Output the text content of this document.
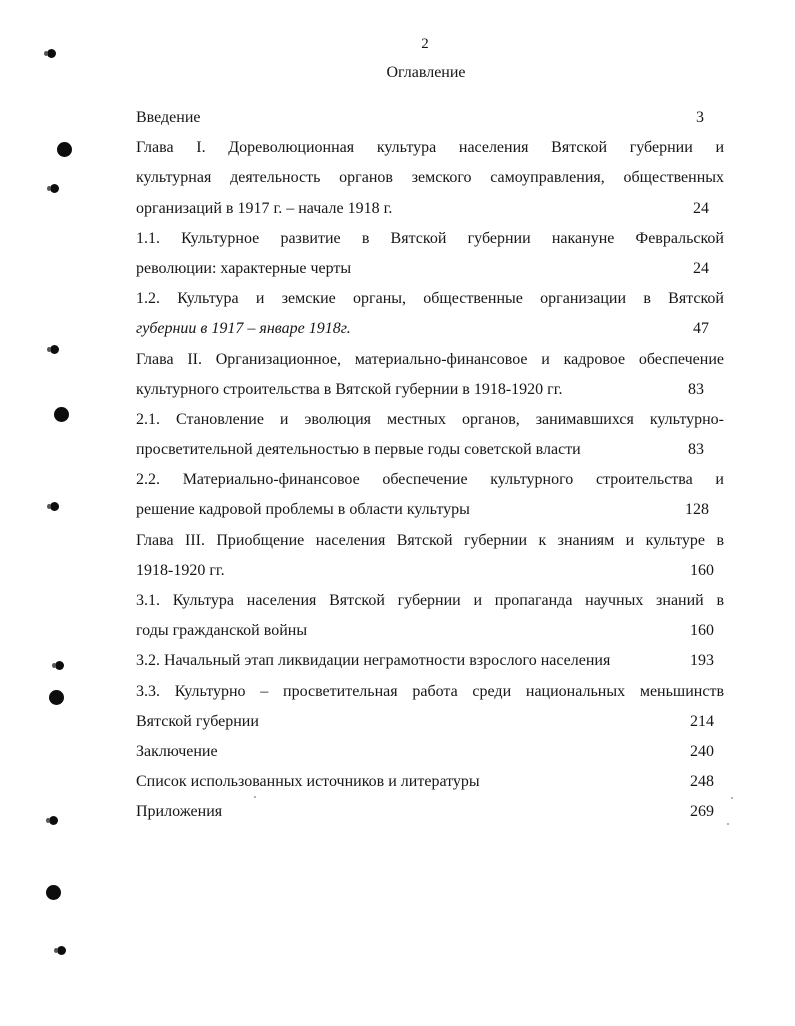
2
Оглавление
Введение	3
Глава I. Дореволюционная культура населения Вятской губернии и
культурная деятельность органов земского самоуправления, общественных
организаций в 1917 г. – начале 1918 г.	24
1.1. Культурное развитие в Вятской губернии накануне Февральской
революции: характерные черты	24
1.2. Культура и земские органы, общественные организации в Вятской
губернии в 1917 – январе 1918г.	47
Глава II. Организационное, материально-финансовое и кадровое обеспечение
культурного строительства в Вятской губернии в 1918-1920 гг.	83
2.1. Становление и эволюция местных органов, занимавшихся культурно-
просветительной деятельностью в первые годы советской власти	83
2.2. Материально-финансовое обеспечение культурного строительства и
решение кадровой проблемы в области культуры	128
Глава III. Приобщение населения Вятской губернии к знаниям и культуре в
1918-1920 гг.	160
3.1. Культура населения Вятской губернии и пропаганда научных знаний в
годы гражданской войны	160
3.2. Начальный этап ликвидации неграмотности взрослого населения	193
3.3. Культурно – просветительная работа среди национальных меньшинств
Вятской губернии	214
Заключение	240
Список использованных источников и литературы	248
Приложения	269
